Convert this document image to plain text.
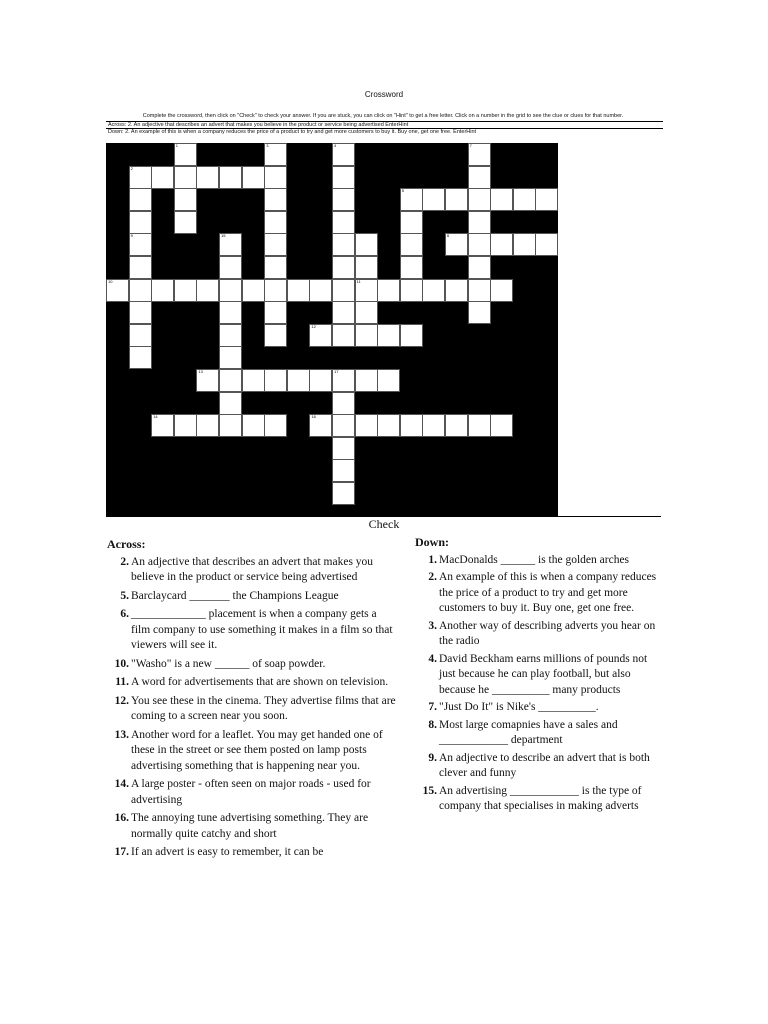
Crossword
Complete the crossword, then click on "Check" to check your answer. If you are stuck, you can click on "Hint" to get a free letter. Click on a number in the grid to see the clue or clues for that number.
Across: 2. An adjective that describes an advert that makes you believe in the product or service being advertised EnterHint
Down: 2. An example of this is when a company reduces the price of a product to try and get more customers to buy it. Buy one, get one free. EnterHint
2
5
6
10	11
12
13	17
14	16
1
9
3	4	7
15
Check
Across:
2. An adjective that describes an advert that makes you believe in the product or service being advertised
5. Barclaycard _______ the Champions League
6. _____________ placement is when a company gets a film company to use something it makes in a film so that viewers will see it.
10. "Washo" is a new ______ of soap powder.
11. A word for advertisements that are shown on television.
12. You see these in the cinema. They advertise films that are coming to a screen near you soon.
13. Another word for a leaflet. You may get handed one of these in the street or see them posted on lamp posts advertising something that is happening near you.
14. A large poster - often seen on major roads - used for advertising
16. The annoying tune advertising something. They are normally quite catchy and short
17. If an advert is easy to remember, it can be
Down:
1. MacDonalds ______ is the golden arches
2. An example of this is when a company reduces the price of a product to try and get more customers to buy it. Buy one, get one free.
3. Another way of describing adverts you hear on the radio
4. David Beckham earns millions of pounds not just because he can play football, but also because he __________ many products
7. "Just Do It" is Nike's __________.
8. Most large comapnies have a sales and ____________ department
9. An adjective to describe an advert that is both clever and funny
15. An advertising ____________ is the type of company that specialises in making adverts
